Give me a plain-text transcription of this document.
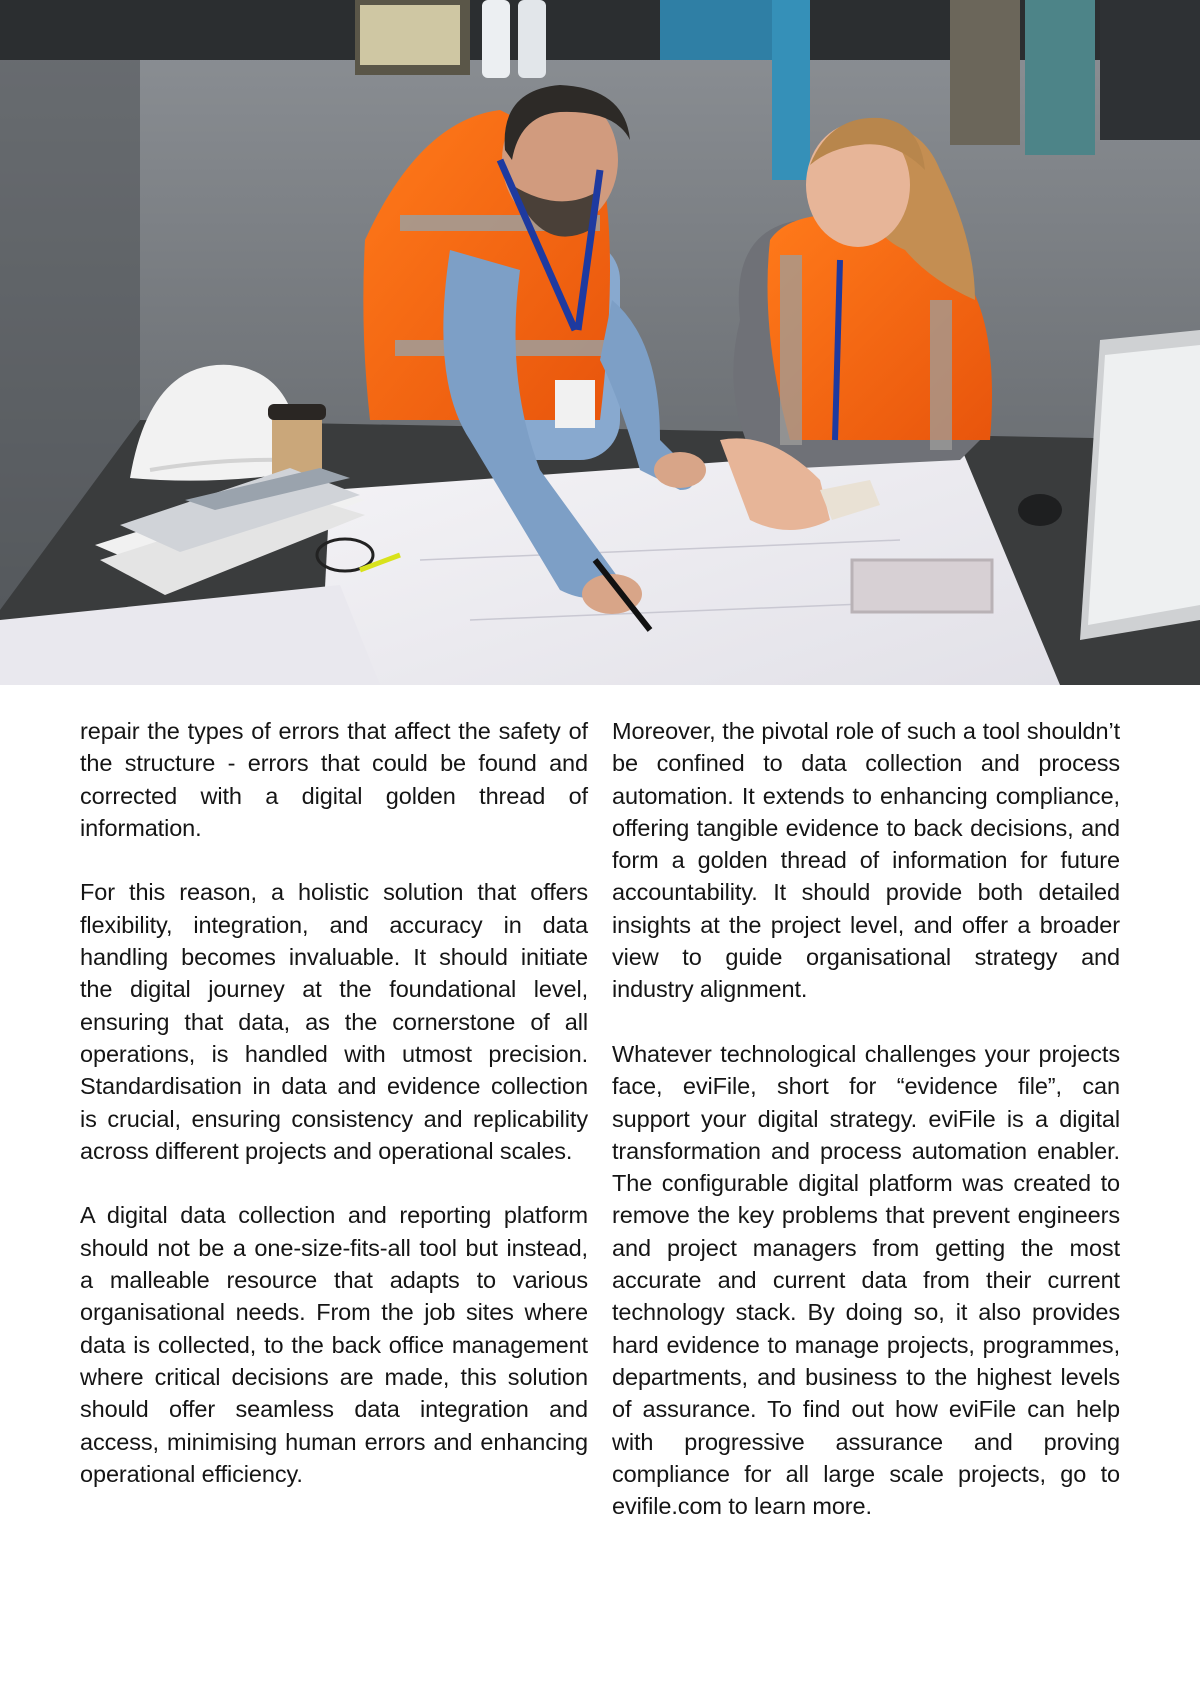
repair the types of errors that affect the safety of the structure - errors that could be found and corrected with a digital golden thread of information.

For this reason, a holistic solution that offers flexibility, integration, and accuracy in data handling becomes invaluable. It should initiate the digital journey at the foundational level, ensuring that data, as the cornerstone of all operations, is handled with utmost precision. Standardisation in data and evidence collection is crucial, ensuring consistency and replicability across different projects and operational scales.

A digital data collection and reporting platform should not be a one-size-fits-all tool but instead, a malleable resource that adapts to various organisational needs. From the job sites where data is collected, to the back office management where critical decisions are made, this solution should offer seamless data integration and access, minimising human errors and enhancing operational efficiency.

Moreover, the pivotal role of such a tool shouldn’t be confined to data collection and process automation. It extends to enhancing compliance, offering tangible evidence to back decisions, and form a golden thread of information for future accountability. It should provide both detailed insights at the project level, and offer a broader view to guide organisational strategy and industry alignment.

Whatever technological challenges your projects face, eviFile, short for “evidence file”, can support your digital strategy. eviFile is a digital transformation and process automation enabler. The configurable digital platform was created to remove the key problems that prevent engineers and project managers from getting the most accurate and current data from their current technology stack. By doing so, it also provides hard evidence to manage projects, programmes, departments, and business to the highest levels of assurance. To find out how eviFile can help with progressive assurance and proving compliance for all large scale projects, go to evifile.com to learn more.
